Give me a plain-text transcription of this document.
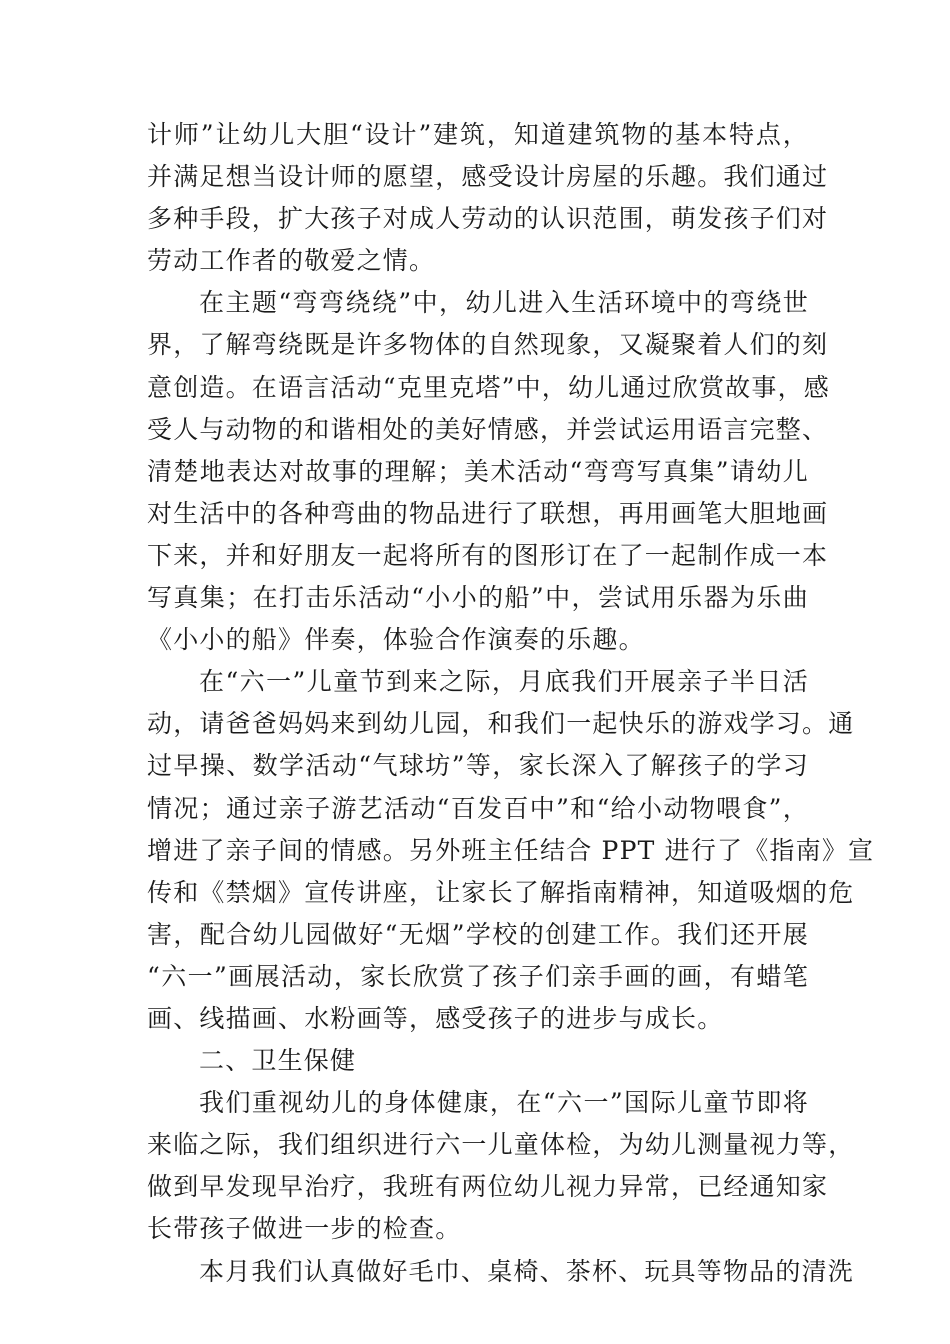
计师”让幼儿大胆“设计”建筑，知道建筑物的基本特点，
并满足想当设计师的愿望，感受设计房屋的乐趣。我们通过
多种手段，扩大孩子对成人劳动的认识范围，萌发孩子们对
劳动工作者的敬爱之情。
在主题“弯弯绕绕”中，幼儿进入生活环境中的弯绕世
界，了解弯绕既是许多物体的自然现象，又凝聚着人们的刻
意创造。在语言活动“克里克塔”中，幼儿通过欣赏故事，感
受人与动物的和谐相处的美好情感，并尝试运用语言完整、
清楚地表达对故事的理解；美术活动“弯弯写真集”请幼儿
对生活中的各种弯曲的物品进行了联想，再用画笔大胆地画
下来，并和好朋友一起将所有的图形订在了一起制作成一本
写真集；在打击乐活动“小小的船”中，尝试用乐器为乐曲
《小小的船》伴奏，体验合作演奏的乐趣。
在“六一”儿童节到来之际，月底我们开展亲子半日活
动，请爸爸妈妈来到幼儿园，和我们一起快乐的游戏学习。通
过早操、数学活动“气球坊”等，家长深入了解孩子的学习
情况；通过亲子游艺活动“百发百中”和“给小动物喂食”，
增进了亲子间的情感。另外班主任结合 PPT 进行了《指南》宣
传和《禁烟》宣传讲座，让家长了解指南精神，知道吸烟的危
害，配合幼儿园做好“无烟”学校的创建工作。我们还开展
“六一”画展活动，家长欣赏了孩子们亲手画的画，有蜡笔
画、线描画、水粉画等，感受孩子的进步与成长。
二、卫生保健
我们重视幼儿的身体健康，在“六一”国际儿童节即将
来临之际，我们组织进行六一儿童体检，为幼儿测量视力等，
做到早发现早治疗，我班有两位幼儿视力异常，已经通知家
长带孩子做进一步的检查。
本月我们认真做好毛巾、桌椅、茶杯、玩具等物品的清洗
